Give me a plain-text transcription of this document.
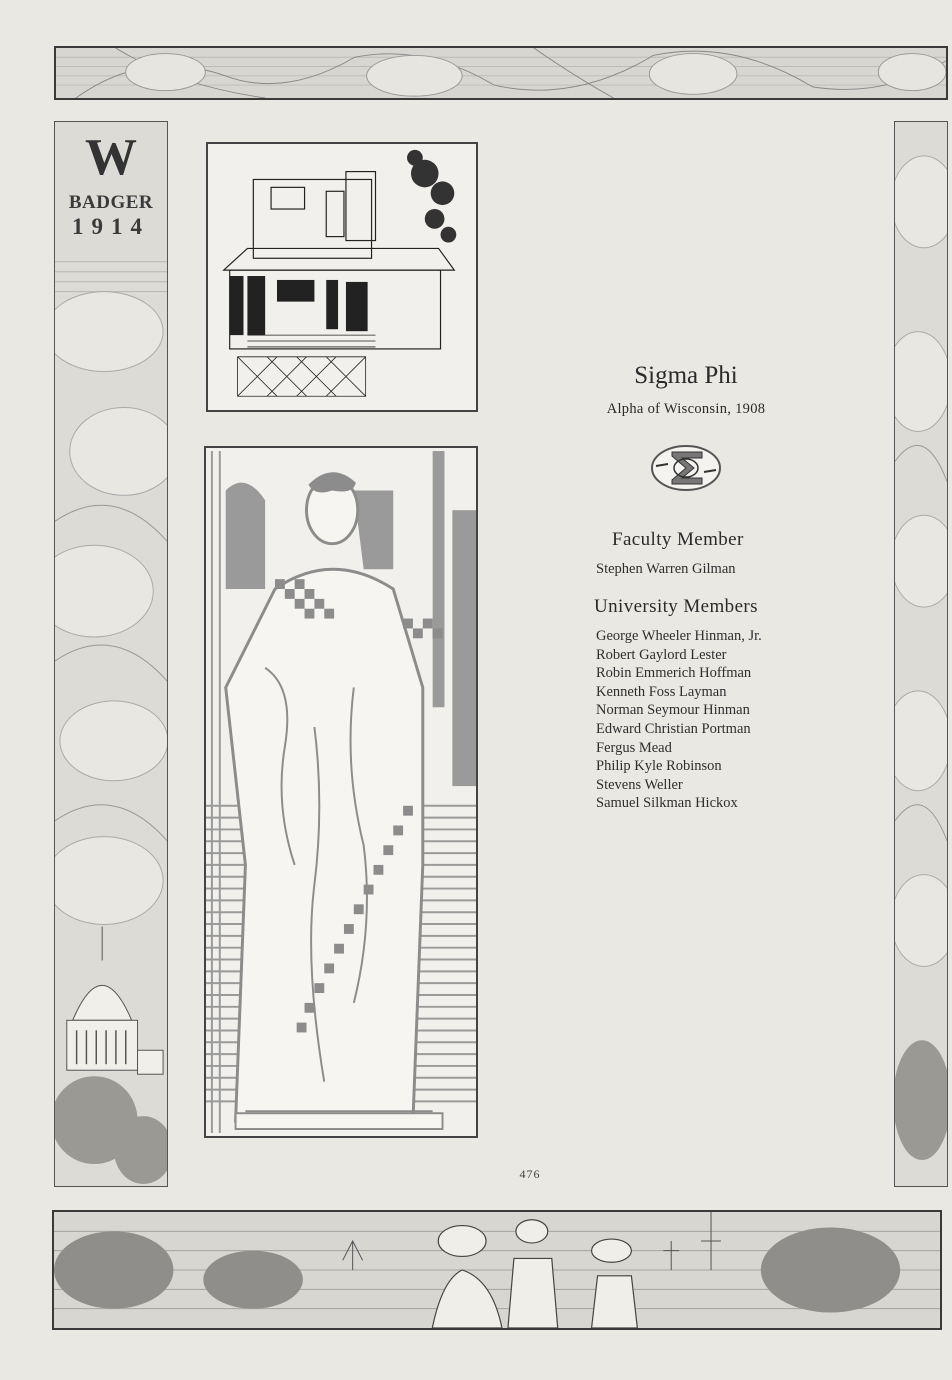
W
BADGER
1914
Sigma Phi
Alpha of Wisconsin, 1908
Faculty Member
Stephen Warren Gilman
University Members
George Wheeler Hinman, Jr.
Robert Gaylord Lester
Robin Emmerich Hoffman
Kenneth Foss Layman
Norman Seymour Hinman
Edward Christian Portman
Fergus Mead
Philip Kyle Robinson
Stevens Weller
Samuel Silkman Hickox
476
